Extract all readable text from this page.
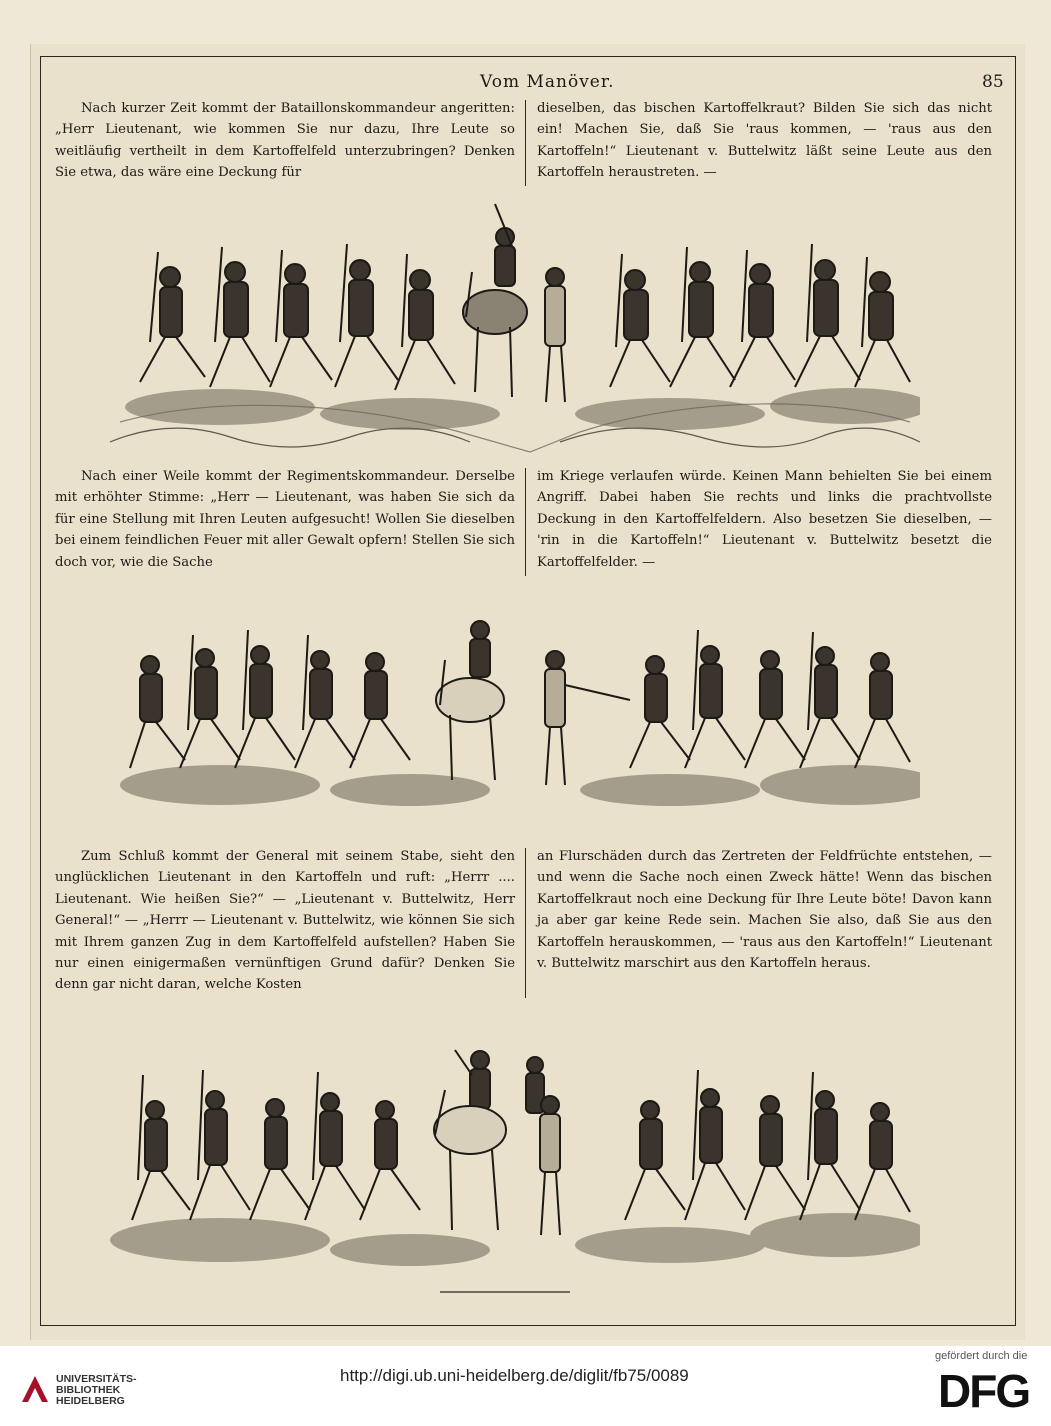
Vom Manöver.	85

Nach kurzer Zeit kommt der Bataillonskommandeur angeritten: „Herr Lieutenant, wie kommen Sie nur dazu, Ihre Leute so weitläufig vertheilt in dem Kartoffelfeld unterzubringen? Denken Sie etwa, das wäre eine Deckung für

dieselben, das bischen Kartoffelkraut? Bilden Sie sich das nicht ein! Machen Sie, daß Sie 'raus kommen, — 'raus aus den Kartoffeln!“ Lieutenant v. Buttelwitz läßt seine Leute aus den Kartoffeln heraustreten. —

Nach einer Weile kommt der Regimentskommandeur. Derselbe mit erhöhter Stimme: „Herr — Lieutenant, was haben Sie sich da für eine Stellung mit Ihren Leuten aufgesucht! Wollen Sie dieselben bei einem feindlichen Feuer mit aller Gewalt opfern! Stellen Sie sich doch vor, wie die Sache

im Kriege verlaufen würde. Keinen Mann behielten Sie bei einem Angriff. Dabei haben Sie rechts und links die prachtvollste Deckung in den Kartoffelfeldern. Also besetzen Sie dieselben, — 'rin in die Kartoffeln!“ Lieutenant v. Buttelwitz besetzt die Kartoffelfelder. —

Zum Schluß kommt der General mit seinem Stabe, sieht den unglücklichen Lieutenant in den Kartoffeln und ruft: „Herrr .... Lieutenant. Wie heißen Sie?“ — „Lieutenant v. Buttelwitz, Herr General!“ — „Herrr — Lieutenant v. Buttelwitz, wie können Sie sich mit Ihrem ganzen Zug in dem Kartoffelfeld aufstellen? Haben Sie nur einen einigermaßen vernünftigen Grund dafür? Denken Sie denn gar nicht daran, welche Kosten

an Flurschäden durch das Zertreten der Feldfrüchte entstehen, — und wenn die Sache noch einen Zweck hätte! Wenn das bischen Kartoffelkraut noch eine Deckung für Ihre Leute böte! Davon kann ja aber gar keine Rede sein. Machen Sie also, daß Sie aus den Kartoffeln herauskommen, — 'raus aus den Kartoffeln!“ Lieutenant v. Buttelwitz marschirt aus den Kartoffeln heraus.

UNIVERSITÄTS-
BIBLIOTHEK
HEIDELBERG
http://digi.ub.uni-heidelberg.de/diglit/fb75/0089
gefördert durch die
DFG
